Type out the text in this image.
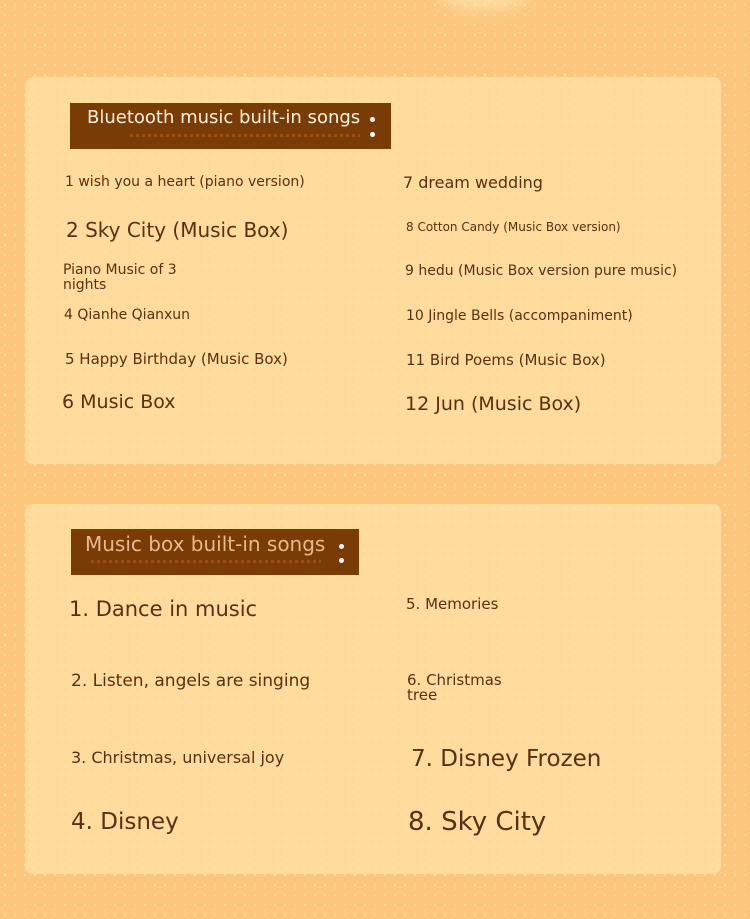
Bluetooth music built-in songs
1 wish you a heart (piano version)
2 Sky City (Music Box)
Piano Music of 3 nights
4 Qianhe Qianxun
5 Happy Birthday (Music Box)
6 Music Box
7 dream wedding
8 Cotton Candy (Music Box version)
9 hedu (Music Box version pure music)
10 Jingle Bells (accompaniment)
11 Bird Poems (Music Box)
12 Jun (Music Box)
Music box built-in songs
1. Dance in music
2. Listen, angels are singing
3. Christmas, universal joy
4. Disney
5. Memories
6. Christmas tree
7. Disney Frozen
8. Sky City
